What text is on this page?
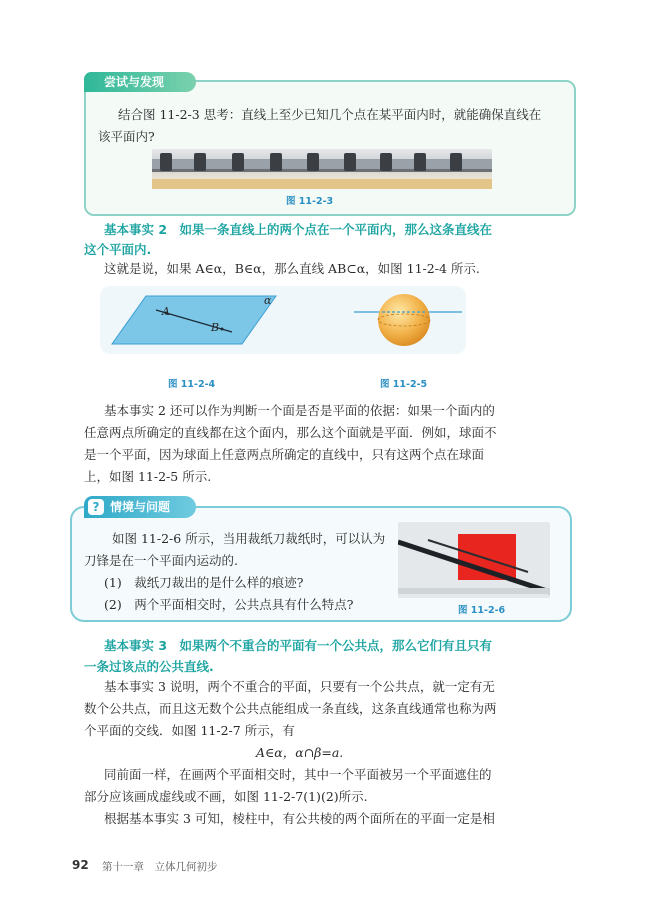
尝试与发现
结合图 11-2-3 思考：直线上至少已知几个点在某平面内时，就能确保直线在
该平面内?
图 11-2-3
基本事实 2　如果一条直线上的两个点在一个平面内，那么这条直线在
这个平面内.
这就是说，如果 A∈α，B∈α，那么直线 AB⊂α，如图 11-2-4 所示.
α
A
B
图 11-2-4	图 11-2-5
基本事实 2 还可以作为判断一个面是否是平面的依据：如果一个面内的
任意两点所确定的直线都在这个面内，那么这个面就是平面．例如，球面不
是一个平面，因为球面上任意两点所确定的直线中，只有这两个点在球面
上，如图 11-2-5 所示.
情境与问题
?
如图 11-2-6 所示，当用裁纸刀裁纸时，可以认为
刀锋是在一个平面内运动的.
(1)　裁纸刀裁出的是什么样的痕迹?
(2)　两个平面相交时，公共点具有什么特点?	图 11-2-6
基本事实 3　如果两个不重合的平面有一个公共点，那么它们有且只有
一条过该点的公共直线.
基本事实 3 说明，两个不重合的平面，只要有一个公共点，就一定有无
数个公共点，而且这无数个公共点能组成一条直线，这条直线通常也称为两
个平面的交线．如图 11-2-7 所示，有
A∈α，α∩β=a.
同前面一样，在画两个平面相交时，其中一个平面被另一个平面遮住的
部分应该画成虚线或不画，如图 11-2-7(1)(2)所示.
根据基本事实 3 可知，棱柱中，有公共棱的两个面所在的平面一定是相
92 第十一章　立体几何初步
